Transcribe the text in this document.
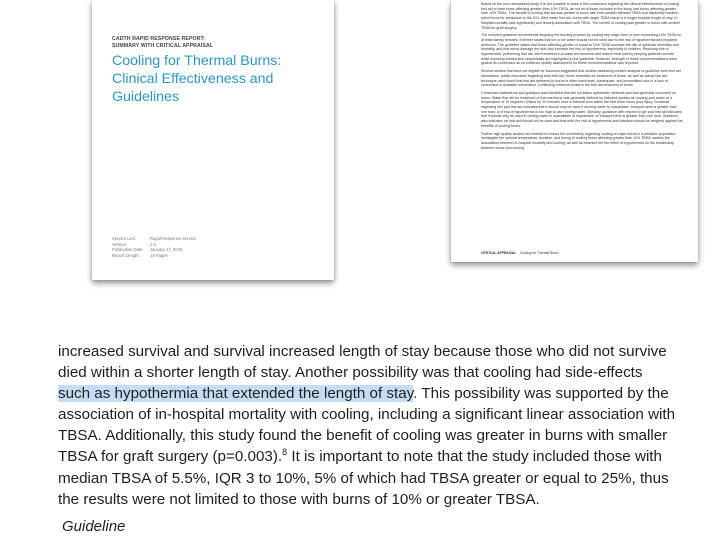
CADTH RAPID RESPONSE REPORT:
SUMMARY WITH CRITICAL APPRAISAL
Cooling for Thermal Burns: Clinical Effectiveness and Guidelines
Service Line:	Rapid Response Service
Version:	1.0
Publication Date:	January 17, 2019
Report Length:	19 Pages

Based on the non-randomized study, it is not possible to draw a firm conclusion regarding the clinical effectiveness of cooling first aid to treat burns affecting greater than 10% TBSA, as not all of those included in the study had burns affecting greater than 10% TBSA. The benefit of cooling first aid was greater in burns with both smaller affected TBSA and especially medium-sized burns for admission to the ICU. After water first aid, burns with larger TBSA result in a longer hospital length of stay. In-hospital mortality was significantly and linearly associated with TBSA. The benefit of cooling was greater in burns with smaller TBSA for graft surgery.

The included guideline recommends stopping the burning process by cooling any major burn or burn exceeding 10% TBSA for at least twenty minutes. It further states that ice or ice water should not be used due to the risk of hypothermia and impaired perfusion. The guideline states that burns affecting greater or equal to 10% TBSA increase the risk of systemic morbidity and mortality, and that burns damage the skin and increase the risk of hypothermia, especially in children. Reducing risk of hypothermia, performing first aid, and treatment in a warm environment and reduce heat loss by keeping patients covered while exposing burned skin sequentially are highlighted in the guideline. However, strength of these recommendations were graded as consensus as no evidence quality assessment for these recommendations was reported.

Several studies that were not eligible for inclusion suggested that studies assessing content analysis of guideline burn first aid information, public education regarding burn first aid, home remedies for treatment of burns, as well as actual first aid technique used found that first aid delivered to burns is often inaccurate, inadequate, and inconsistent due to a lack of consensus in available information. Conflicting evidence exists in the first aid treatment of burns.

Consensus statements and guidance was identified that did not follow systematic methods and that generally concurred on burns. Water first aid for treatment of thermal burns was generally defined by included studies as running cool water at a temperature of 15 degrees Celsius for 20 minutes once a thermal burn within the first three hours post injury. Guidance regarding wet pad first aid indicates that it should only be used if running water is unavailable, transport time is greater than one hour, or if risk of hypothermia is too high to use running water. Similarly, guidance with respect to gel pad first aid indicates that it should only be used if running water is unavailable or impractical, or transport time is greater than one hour. Guidance also indicates ice first aid should not be used and that both the risk of hypothermia and infection should be weighed against the benefits of cooling burns.

Further high quality studies are needed to reduce the uncertainty regarding cooling of major burns in a pediatric population; investigate the optimal temperature, duration, and timing of cooling burns affecting greater than 10% TBSA; assess the association between in-hospital mortality and cooling; as well as examine the the effect of hypothermia on the relationship between burns and cooling.

CRITICAL APPRAISAL Cooling for Thermal Burns

increased survival and survival increased length of stay because those who did not survive died within a shorter length of stay. Another possibility was that cooling had side-effects such as hypothermia that extended the length of stay. This possibility was supported by the association of in-hospital mortality with cooling, including a significant linear association with TBSA. Additionally, this study found the benefit of cooling was greater in burns with smaller TBSA for graft surgery (p=0.003).$^8$ It is important to note that the study included those with median TBSA of 5.5%, IQR 3 to 10%, 5% of which had TBSA greater or equal to 25%, thus the results were not limited to those with burns of 10% or greater TBSA.

Guideline
